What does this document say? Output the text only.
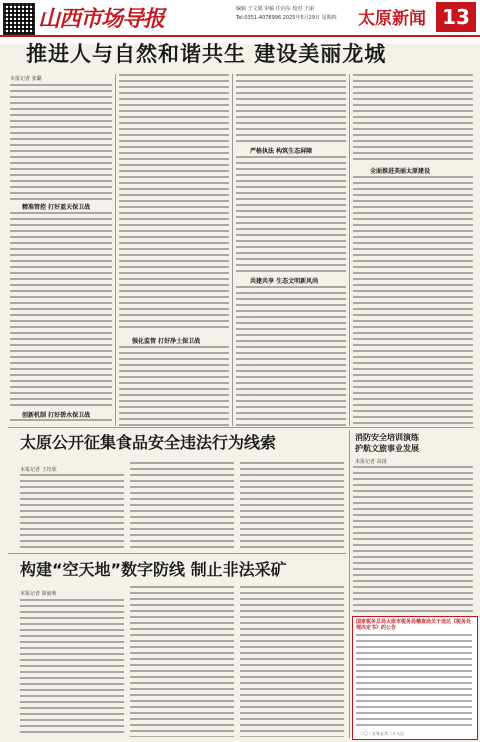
山西市场导报	编辑 王文娟 审稿 任向东 校对 王丽
Tel:0351-4078996 2025年5月29日 星期四 太原新闻 13
推进人与自然和谐共生 建设美丽龙城
本报记者 张璐
精准管控 打好蓝天保卫战
创新机制 打好碧水保卫战
强化监管 打好净土保卫战
严格执法 构筑生态屏障
共建共享 生态文明新风尚
全面推进美丽太原建设
太原公开征集食品安全违法行为线索
本报记者 王钰欣
构建“空天地”数字防线 制止非法采矿
本报记者 简丽莉
消防安全培训演练
护航文旅事业发展
本报记者 高扬
国家税务总局太原市税务局稽查局关于送达《税务处理决定书》的公告
二〇二五年五月二十八日
